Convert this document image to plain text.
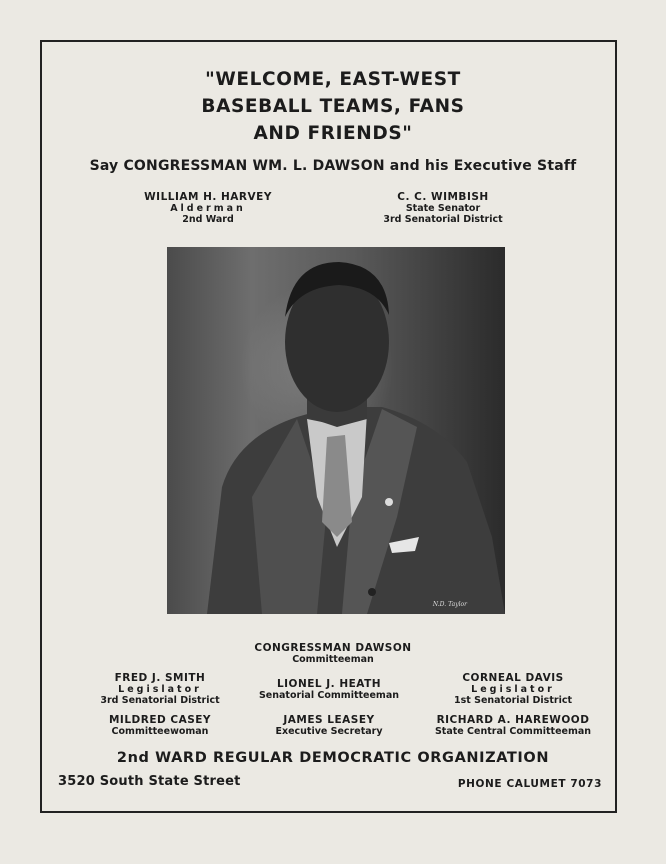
"WELCOME, EAST-WEST
BASEBALL TEAMS, FANS
AND FRIENDS"
Say CONGRESSMAN WM. L. DAWSON and his Executive Staff
WILLIAM H. HARVEY
Alderman
2nd Ward
C. C. WIMBISH
State Senator
3rd Senatorial District
N.D. Taylor
CONGRESSMAN DAWSON
Committeeman
FRED J. SMITH
Legislator
3rd Senatorial District
LIONEL J. HEATH
Senatorial Committeeman
CORNEAL DAVIS
Legislator
1st Senatorial District
MILDRED CASEY
Committeewoman
JAMES LEASEY
Executive Secretary
RICHARD A. HAREWOOD
State Central Committeeman
2nd WARD REGULAR DEMOCRATIC ORGANIZATION
3520 South State Street	PHONE CALUMET 7073
